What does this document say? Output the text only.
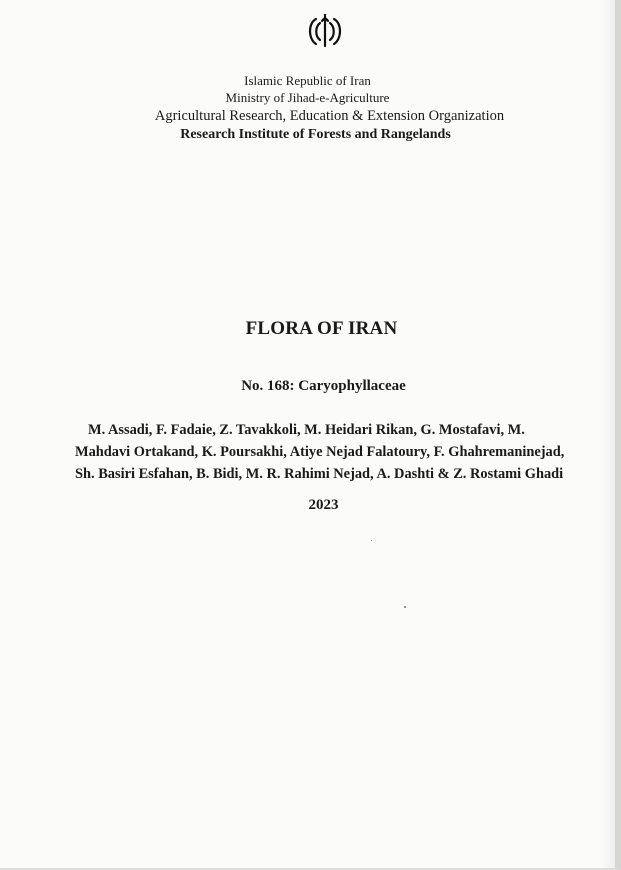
Islamic Republic of Iran
Ministry of Jihad-e-Agriculture
Agricultural Research, Education & Extension Organization
Research Institute of Forests and Rangelands
FLORA OF IRAN
No. 168: Caryophyllaceae
M. Assadi, F. Fadaie, Z. Tavakkoli, M. Heidari Rikan, G. Mostafavi, M.
Mahdavi Ortakand, K. Poursakhi, Atiye Nejad Falatoury, F. Ghahremaninejad,
Sh. Basiri Esfahan, B. Bidi, M. R. Rahimi Nejad, A. Dashti & Z. Rostami Ghadi
2023
